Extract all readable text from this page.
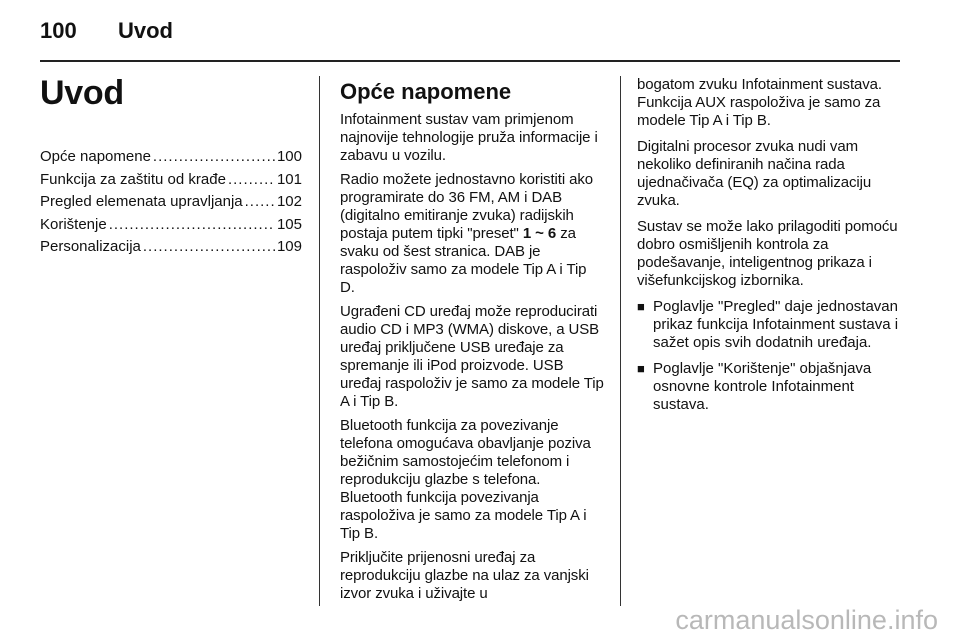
100	Uvod
Uvod
Opće napomene .....	100
Funkcija za zaštitu od krađe .....	101
Pregled elemenata upravljanja ..... 102
Korištenje .....	105
Personalizacija .....	109
Opće napomene

Infotainment sustav vam primjenom najnovije tehnologije pruža informacije i zabavu u vozilu.

Radio možete jednostavno koristiti ako programirate do 36 FM, AM i DAB (digitalno emitiranje zvuka) radijskih postaja putem tipki "preset" 1 ~ 6 za svaku od šest stranica. DAB je raspoloživ samo za modele Tip A i Tip D.

Ugrađeni CD uređaj može reproducirati audio CD i MP3 (WMA) diskove, a USB uređaj priključene USB uređaje za spremanje ili iPod proizvode. USB uređaj raspoloživ je samo za modele Tip A i Tip B.

Bluetooth funkcija za povezivanje telefona omogućava obavljanje poziva bežičnim samostojećim telefonom i reprodukciju glazbe s telefona. Bluetooth funkcija povezivanja raspoloživa je samo za modele Tip A i Tip B.

Priključite prijenosni uređaj za reprodukciju glazbe na ulaz za vanjski izvor zvuka i uživajte u

bogatom zvuku Infotainment sustava. Funkcija AUX raspoloživa je samo za modele Tip A i Tip B.

Digitalni procesor zvuka nudi vam nekoliko definiranih načina rada ujednačivača (EQ) za optimalizaciju zvuka.

Sustav se može lako prilagoditi pomoću dobro osmišljenih kontrola za podešavanje, inteligentnog prikaza i višefunkcijskog izbornika.

■ Poglavlje "Pregled" daje jednostavan prikaz funkcija Infotainment sustava i sažet opis svih dodatnih uređaja.
■ Poglavlje "Korištenje" objašnjava osnovne kontrole Infotainment sustava.
carmanualsonline.info
